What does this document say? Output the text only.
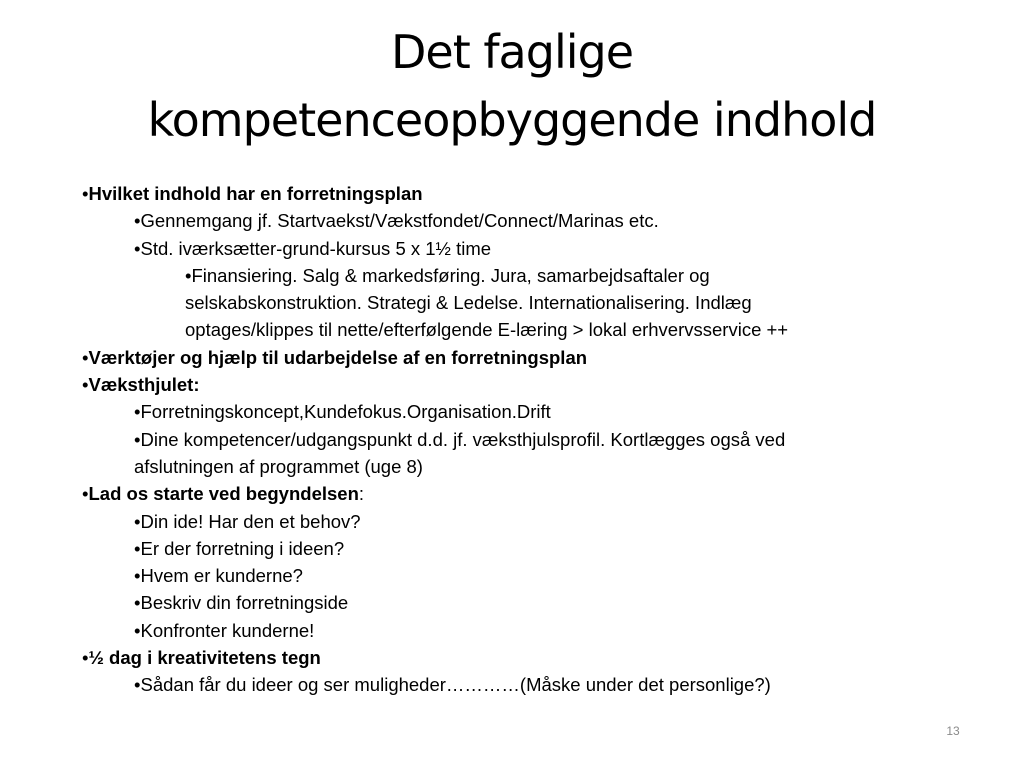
Det faglige
kompetenceopbyggende indhold
•Hvilket indhold har en forretningsplan
•Gennemgang jf. Startvaekst/Vækstfondet/Connect/Marinas etc.
•Std. iværksætter-grund-kursus 5 x 1½ time
•Finansiering. Salg & markedsføring. Jura, samarbejdsaftaler og
selskabskonstruktion. Strategi & Ledelse. Internationalisering. Indlæg
optages/klippes til nette/efterfølgende E-læring > lokal erhvervsservice ++
•Værktøjer og hjælp til udarbejdelse af en forretningsplan
•Væksthjulet:
•Forretningskoncept,Kundefokus.Organisation.Drift
•Dine kompetencer/udgangspunkt d.d. jf. væksthjulsprofil. Kortlægges også ved
afslutningen af programmet (uge 8)
•Lad os starte ved begyndelsen:
•Din ide! Har den et behov?
•Er der forretning i ideen?
•Hvem er kunderne?
•Beskriv din forretningside
•Konfronter kunderne!
•½ dag i kreativitetens tegn
•Sådan får du ideer og ser muligheder…………(Måske under det personlige?)
13
